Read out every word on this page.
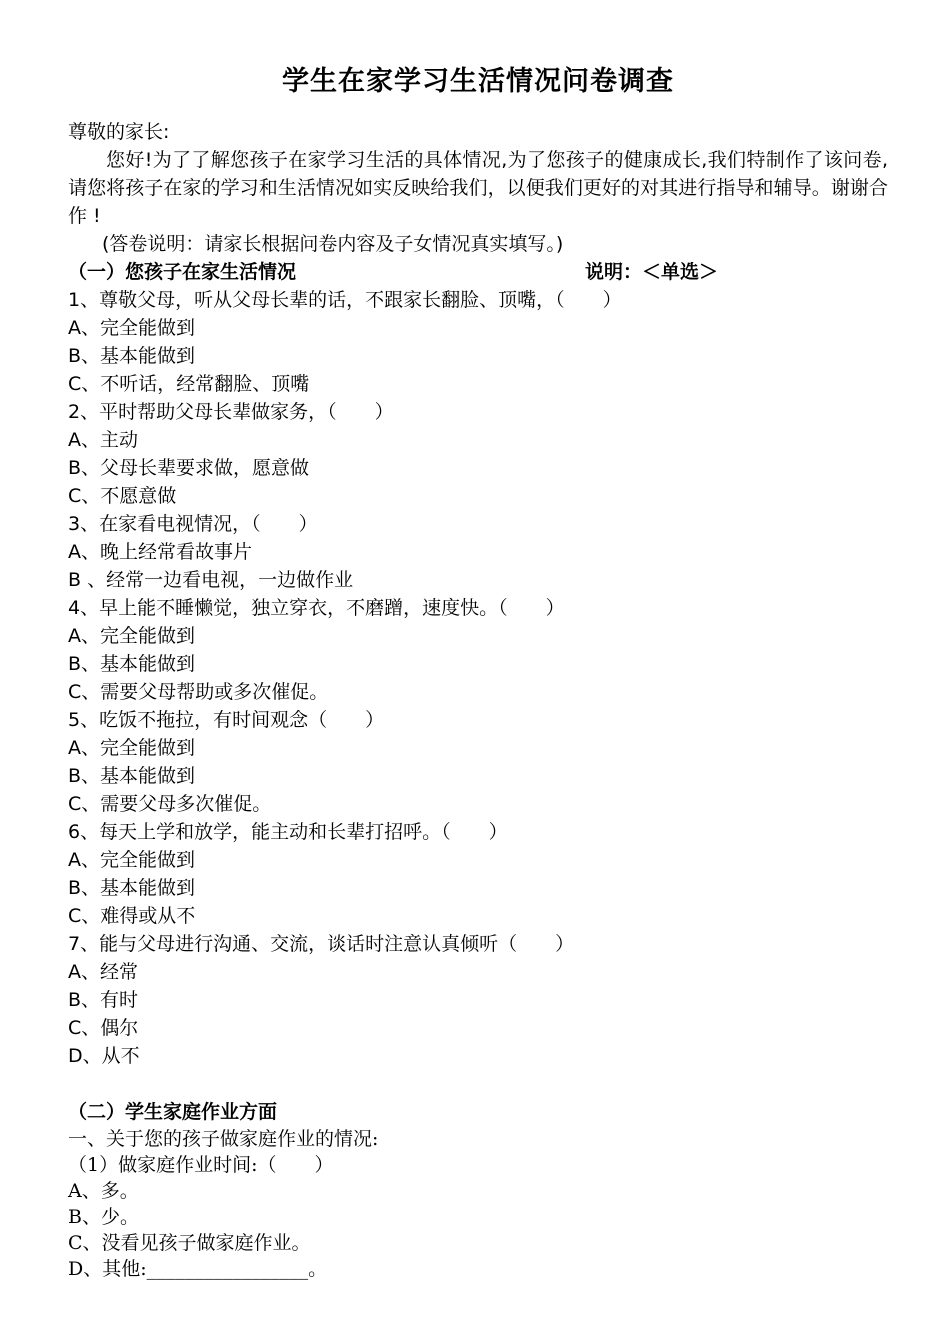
学生在家学习生活情况问卷调查
尊敬的家长:
您好!为了了解您孩子在家学习生活的具体情况,为了您孩子的健康成长,我们特制作了该问卷,请您将孩子在家的学习和生活情况如实反映给我们，以便我们更好的对其进行指导和辅导。谢谢合作 !
(答卷说明：请家长根据问卷内容及子女情况真实填写。)
（一）您孩子在家生活情况	说明：＜单选＞
1、尊敬父母，听从父母长辈的话，不跟家长翻脸、顶嘴，（　　）
A、完全能做到
B、基本能做到
C、不听话，经常翻脸、顶嘴
2、平时帮助父母长辈做家务，（　　）
A、主动
B、父母长辈要求做，愿意做
C、不愿意做
3、在家看电视情况，（　　）
A、晚上经常看故事片
B 、经常一边看电视，一边做作业
4、早上能不睡懒觉，独立穿衣，不磨蹭，速度快。（　　）
A、完全能做到
B、基本能做到
C、需要父母帮助或多次催促。
5、吃饭不拖拉，有时间观念（　　）
A、完全能做到
B、基本能做到
C、需要父母多次催促。
6、每天上学和放学，能主动和长辈打招呼。（　　）
A、完全能做到
B、基本能做到
C、难得或从不
7、能与父母进行沟通、交流，谈话时注意认真倾听（　　）
A、经常
B、有时
C、偶尔
D、从不
（二）学生家庭作业方面
一、关于您的孩子做家庭作业的情况:
（1）做家庭作业时间:（　　）
A、多。
B、少。
C、没看见孩子做家庭作业。
D、其他:_________________。
